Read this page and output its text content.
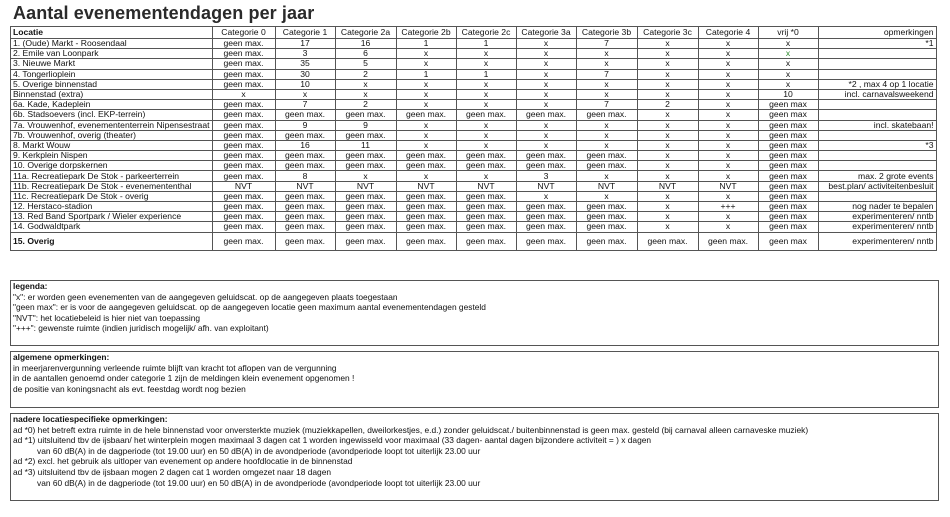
Aantal evenementendagen per jaar
Locatie	Categorie 0	Categorie 1	Categorie 2a	Categorie 2b	Categorie 2c	Categorie 3a	Categorie 3b	Categorie 3c	Categorie 4	vrij *0	opmerkingen
1. (Oude) Markt - Roosendaal	geen max.	17	16	1	1	x	7	x	x	x	*1
2. Emile van Loonpark	geen max.	3	6	x	x	x	x	x	x	x	
3. Nieuwe Markt	geen max.	35	5	x	x	x	x	x	x	x	
4. Tongerlioplein	geen max.	30	2	1	1	x	7	x	x	x	
5. Overige binnenstad	geen max.	10	x	x	x	x	x	x	x	x	*2 , max 4 op 1 locatie
Binnenstad (extra)	x	x	x	x	x	x	x	x	x	10	incl. carnavalsweekend
6a. Kade, Kadeplein	geen max.	7	2	x	x	x	7	2	x	geen max	
6b. Stadsoevers (incl. EKP-terrein)	geen max.	geen max.	geen max.	geen max.	geen max.	geen max.	geen max.	x	x	geen max	
7a. Vrouwenhof, evenemententerrein Nipensestraat	geen max.	9	9	x	x	x	x	x	x	geen max	incl. skatebaan!
7b. Vrouwenhof, overig (theater)	geen max.	geen max.	geen max.	x	x	x	x	x	x	geen max	
8. Markt Wouw	geen max.	16	11	x	x	x	x	x	x	geen max	*3
9. Kerkplein Nispen	geen max.	geen max.	geen max.	geen max.	geen max.	geen max.	geen max.	x	x	geen max	
10. Overige dorpskernen	geen max.	geen max.	geen max.	geen max.	geen max.	geen max.	geen max.	x	x	geen max	
11a. Recreatiepark De Stok - parkeerterrein	geen max.	8	x	x	x	3	x	x	x	geen max	max. 2 grote events
11b. Recreatiepark De Stok - evenemententhal	NVT	NVT	NVT	NVT	NVT	NVT	NVT	NVT	NVT	geen max	best.plan/ activiteitenbesluit
11c. Recreatiepark De Stok - overig	geen max.	geen max.	geen max.	geen max.	geen max.	x	x	x	x	geen max	
12. Herstaco-stadion	geen max.	geen max.	geen max.	geen max.	geen max.	geen max.	geen max.	x	+++	geen max	nog nader te bepalen
13. Red Band Sportpark / Wieler experience	geen max.	geen max.	geen max.	geen max.	geen max.	geen max.	geen max.	x	x	geen max	experimenteren/ nntb
14. Godwaldtpark	geen max.	geen max.	geen max.	geen max.	geen max.	geen max.	geen max.	x	x	geen max	experimenteren/ nntb
15. Overig	geen max.	geen max.	geen max.	geen max.	geen max.	geen max.	geen max.	geen max.	geen max.	geen max	experimenteren/ nntb
legenda:
"x": er worden geen evenementen van de aangegeven geluidscat. op de aangegeven plaats toegestaan
"geen max": er is voor de aangegeven geluidscat. op de aangegeven locatie geen maximum aantal evenementendagen gesteld
"NVT": het locatiebeleid is hier niet van toepassing
"+++": gewenste ruimte (indien juridisch mogelijk/ afh. van exploitant)
algemene opmerkingen:
in meerjarenvergunning verleende ruimte blijft van kracht tot aflopen van de vergunning
in de aantallen genoemd onder categorie 1 zijn de meldingen klein evenement opgenomen !
de positie van koningsnacht als evt. feestdag wordt nog bezien
nadere locatiespecifieke opmerkingen:
ad *0) het betreft extra ruimte in de hele binnenstad voor onversterkte muziek (muziekkapellen, dweilorkestjes, e.d.) zonder geluidscat./ buitenbinnenstad is geen max. gesteld (bij carnaval alleen carnaveske muziek)
ad *1) uitsluitend tbv de ijsbaan/ het winterplein mogen maximaal 3 dagen cat 1 worden ingewisseld voor maximaal (33 dagen- aantal dagen bijzondere activiteit = ) x dagen
van 60 dB(A) in de dagperiode (tot 19.00 uur) en 50 dB(A) in de avondperiode (avondperiode loopt tot uiterlijk 23.00 uur
ad *2) excl. het gebruik als uitloper van evenement op andere hoofdlocatie in de binnenstad
ad *3) uitsluitend tbv de ijsbaan mogen 2 dagen cat 1 worden omgezet naar 18 dagen
van 60 dB(A) in de dagperiode (tot 19.00 uur) en 50 dB(A) in de avondperiode (avondperiode loopt tot uiterlijk 23.00 uur
